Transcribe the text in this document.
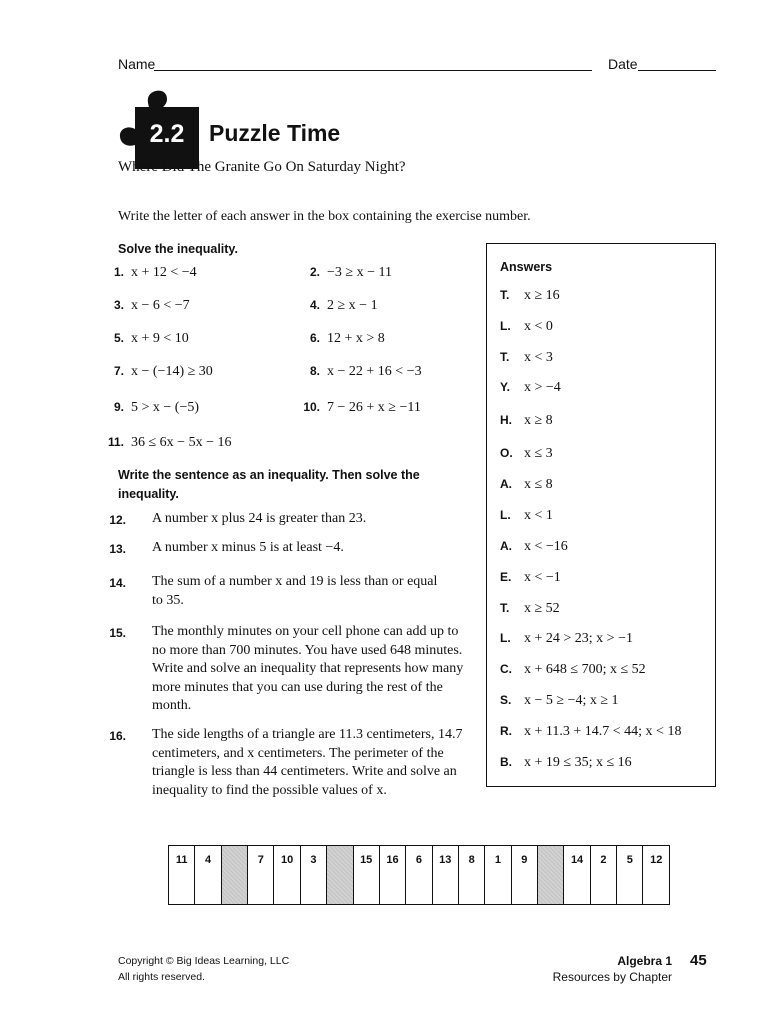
Name	Date
2.2	Puzzle Time
Where Did The Granite Go On Saturday Night?
Write the letter of each answer in the box containing the exercise number.
Solve the inequality.
1. x + 12 < −4	2. −3 ≥ x − 11
3. x − 6 < −7	4. 2 ≥ x − 1
5. x + 9 < 10	6. 12 + x > 8
7. x − (−14) ≥ 30	8. x − 22 + 16 < −3
9. 5 > x − (−5)	10. 7 − 26 + x ≥ −11
11. 36 ≤ 6x − 5x − 16
Write the sentence as an inequality. Then solve the inequality.
12. A number x plus 24 is greater than 23.
13. A number x minus 5 is at least −4.
14. The sum of a number x and 19 is less than or equal to 35.
15. The monthly minutes on your cell phone can add up to no more than 700 minutes. You have used 648 minutes. Write and solve an inequality that represents how many more minutes that you can use during the rest of the month.
16. The side lengths of a triangle are 11.3 centimeters, 14.7 centimeters, and x centimeters. The perimeter of the triangle is less than 44 centimeters. Write and solve an inequality to find the possible values of x.
Answers
T. x ≥ 16
L. x < 0
T. x < 3
Y. x > −4
H. x ≥ 8
O. x ≤ 3
A. x ≤ 8
L. x < 1
A. x < −16
E. x < −1
T. x ≥ 52
L. x + 24 > 23; x > −1
C. x + 648 ≤ 700; x ≤ 52
S. x − 5 ≥ −4; x ≥ 1
R. x + 11.3 + 14.7 < 44; x < 18
B. x + 19 ≤ 35; x ≤ 16
11	4		7	10	3		15	16	6	13	8	1	9		14	2	5	12
Copyright © Big Ideas Learning, LLC
All rights reserved.
Algebra 1
Resources by Chapter
45
